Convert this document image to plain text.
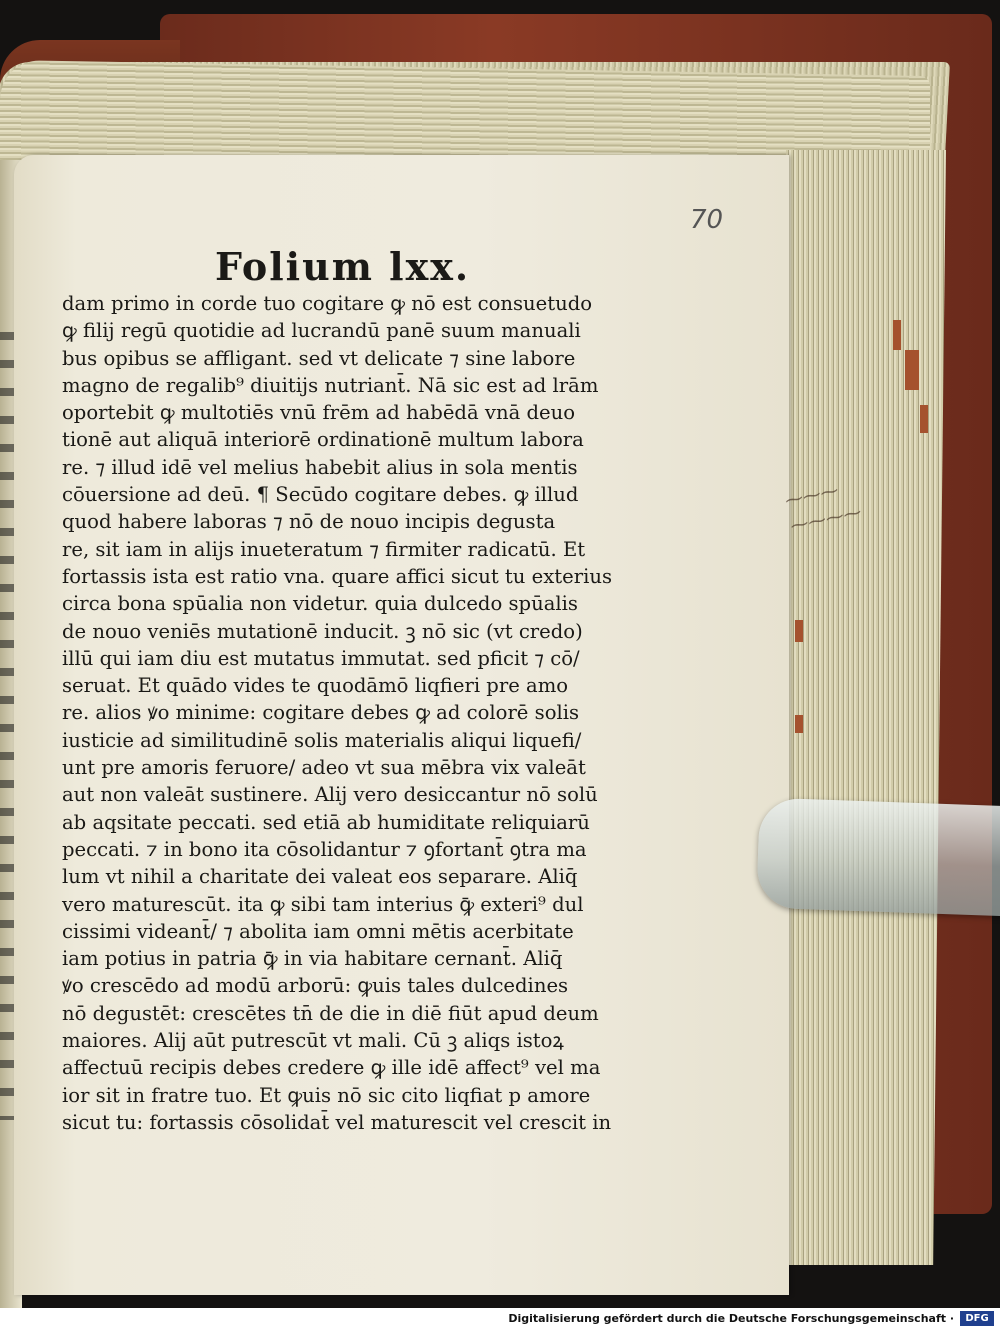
70
Folium lxx.
dam primo in corde tuo cogitare ꝙ nō est consuetudo
ꝙ filij regū quotidie ad lucrandū panē suum manuali
bus opibus se affligant. sed vt delicate ⁊ sine labore
magno de regalib⁹ diuitijs nutriant̄. Nā sic est ad lrām
oportebit ꝙ multotiēs vnū frēm ad habēdā vnā deuo
tionē aut aliquā interiorē ordinationē multum labora
re. ⁊ illud idē vel melius habebit alius in sola mentis
cōuersione ad deū. ¶ Secūdo cogitare debes. ꝙ illud
quod habere laboras ⁊ nō de nouo incipis degusta
re, sit iam in alijs inueteratum ⁊ firmiter radicatū. Et
fortassis ista est ratio vna. quare affici sicut tu exterius
circa bona spūalia non videtur. quia dulcedo spūalis
de nouo veniēs mutationē inducit. ꝫ nō sic (vt credo)
illū qui iam diu est mutatus immutat. sed pficit ⁊ cō/
seruat. Et quādo vides te quodāmō liqfieri pre amo
re. alios ꝟo minime: cogitare debes ꝙ ad colorē solis
iusticie ad similitudinē solis materialis aliqui liquefi/
unt pre amoris feruore/ adeo vt sua mēbra vix valeāt
aut non valeāt sustinere. Alij vero desiccantur nō solū
ab aqsitate peccati. sed etiā ab humiditate reliquiarū
peccati. ⁊ in bono ita cōsolidantur ⁊ ꝯfortant̄ ꝯtra ma
lum vt nihil a charitate dei valeat eos separare. Aliq̄
vero maturescūt. ita ꝙ sibi tam interius ꝙ̄ exteri⁹ dul
cissimi videant̄/ ⁊ abolita iam omni mētis acerbitate
iam potius in patria ꝙ̄ in via habitare cernant̄. Aliq̄
ꝟo crescēdo ad modū arborū: ꝙuis tales dulcedines
nō degustēt: crescētes tn̄ de die in diē fiūt apud deum
maiores. Alij aūt putrescūt vt mali. Cū ꝫ aliqs istoꝝ
affectuū recipis debes credere ꝙ ille idē affect⁹ vel ma
ior sit in fratre tuo. Et ꝙuis nō sic cito liqfiat p amore
sicut tu: fortassis cōsolidat̄ vel maturescit vel crescit in
⁓⁓⁓
⁓⁓⁓⁓
Digitalisierung gefördert durch die Deutsche Forschungsgemeinschaft ·	DFG
